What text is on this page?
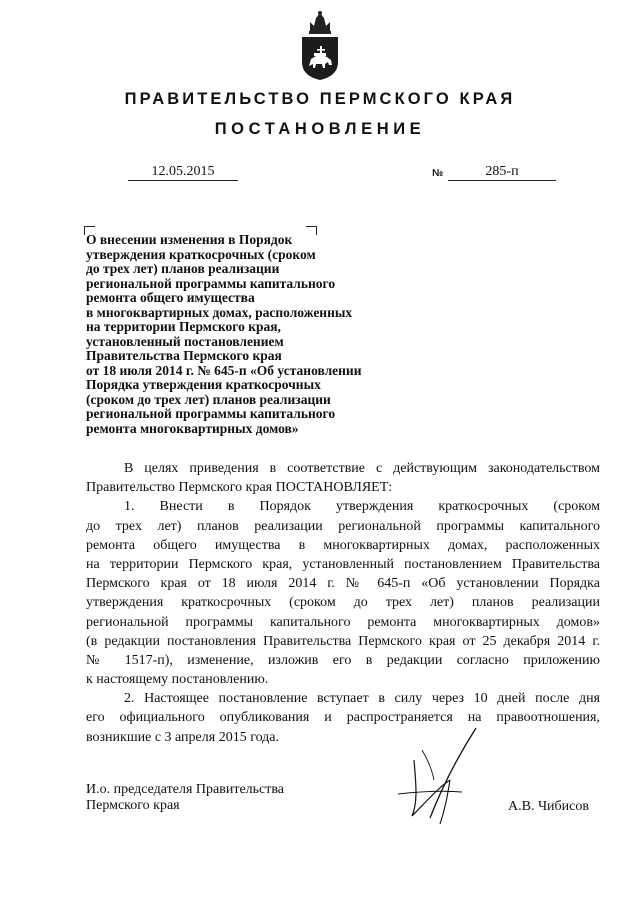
ПРАВИТЕЛЬСТВО ПЕРМСКОГО КРАЯ
ПОСТАНОВЛЕНИЕ
12.05.2015	№	285-п
О внесении изменения в Порядок
утверждения краткосрочных (сроком
до трех лет) планов реализации
региональной программы капитального
ремонта общего имущества
в многоквартирных домах, расположенных
на территории Пермского края,
установленный постановлением
Правительства Пермского края
от 18 июля 2014 г. № 645-п «Об установлении
Порядка утверждения краткосрочных
(сроком до трех лет) планов реализации
региональной программы капитального
ремонта многоквартирных домов»
В целях приведения в соответствие с действующим законодательством
Правительство Пермского края ПОСТАНОВЛЯЕТ:
1. Внести в Порядок утверждения краткосрочных (сроком
до трех лет) планов реализации региональной программы капитального
ремонта общего имущества в многоквартирных домах, расположенных
на территории Пермского края, установленный постановлением Правительства
Пермского края от 18 июля 2014 г. № 645-п «Об установлении Порядка
утверждения краткосрочных (сроком до трех лет) планов реализации
региональной программы капитального ремонта многоквартирных домов»
(в редакции постановления Правительства Пермского края от 25 декабря 2014 г.
№ 1517-п), изменение, изложив его в редакции согласно приложению
к настоящему постановлению.
2. Настоящее постановление вступает в силу через 10 дней после дня
его официального опубликования и распространяется на правоотношения,
возникшие с 3 апреля 2015 года.
И.о. председателя Правительства
Пермского края	А.В. Чибисов
